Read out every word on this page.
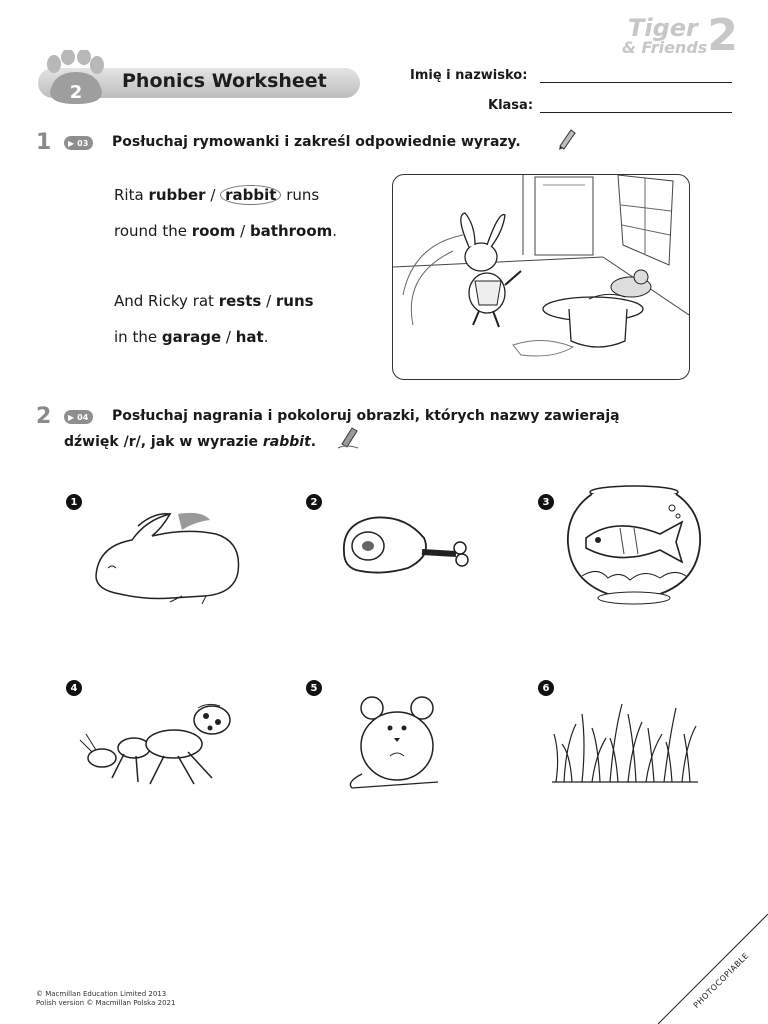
Tiger
& Friends 2
2
Phonics Worksheet	Imię i nazwisko:
Klasa:
1 ▶ 03 Posłuchaj rymowanki i zakreśl odpowiednie wyrazy.
Rita rubber / rabbit runs
round the room / bathroom.
And Ricky rat rests / runs
in the garage / hat.
2 ▶ 04 Posłuchaj nagrania i pokoloruj obrazki, których nazwy zawierają
dźwięk /r/, jak w wyrazie rabbit.
1	2	3
4	5	6
© Macmillan Education Limited 2013
Polish version © Macmillan Polska 2021	PHOTOCOPIABLE
